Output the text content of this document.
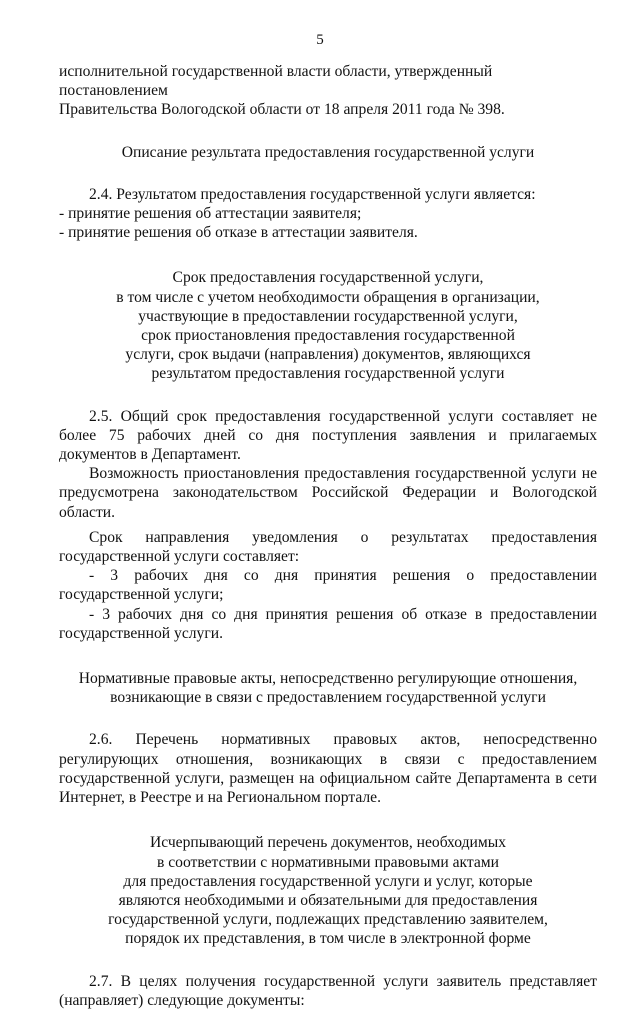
5

исполнительной государственной власти области, утвержденный постановлением

Правительства Вологодской области от 18 апреля 2011 года № 398.

Описание результата предоставления государственной услуги

2.4. Результатом предоставления государственной услуги является:

- принятие решения об аттестации заявителя;

- принятие решения об отказе в аттестации заявителя.

Срок предоставления государственной услуги,

в том числе с учетом необходимости обращения в организации,

участвующие в предоставлении государственной услуги,

срок приостановления предоставления государственной

услуги, срок выдачи (направления) документов, являющихся

результатом предоставления государственной услуги

2.5. Общий срок предоставления государственной услуги составляет не более 75 рабочих дней со дня поступления заявления и прилагаемых документов в Департамент.

Возможность приостановления предоставления государственной услуги не предусмотрена законодательством Российской Федерации и Вологодской области.

Срок направления уведомления о результатах предоставления государственной услуги составляет:

- 3 рабочих дня со дня принятия решения о предоставлении государственной услуги;

- 3 рабочих дня со дня принятия решения об отказе в предоставлении государственной услуги.

Нормативные правовые акты, непосредственно регулирующие отношения,

возникающие в связи с предоставлением государственной услуги

2.6. Перечень нормативных правовых актов, непосредственно регулирующих отношения, возникающих в связи с предоставлением государственной услуги, размещен на официальном сайте Департамента в сети Интернет, в Реестре и на Региональном портале.

Исчерпывающий перечень документов, необходимых

в соответствии с нормативными правовыми актами

для предоставления государственной услуги и услуг, которые

являются необходимыми и обязательными для предоставления

государственной услуги, подлежащих представлению заявителем,

порядок их представления, в том числе в электронной форме

2.7. В целях получения государственной услуги заявитель представляет (направляет) следующие документы:
